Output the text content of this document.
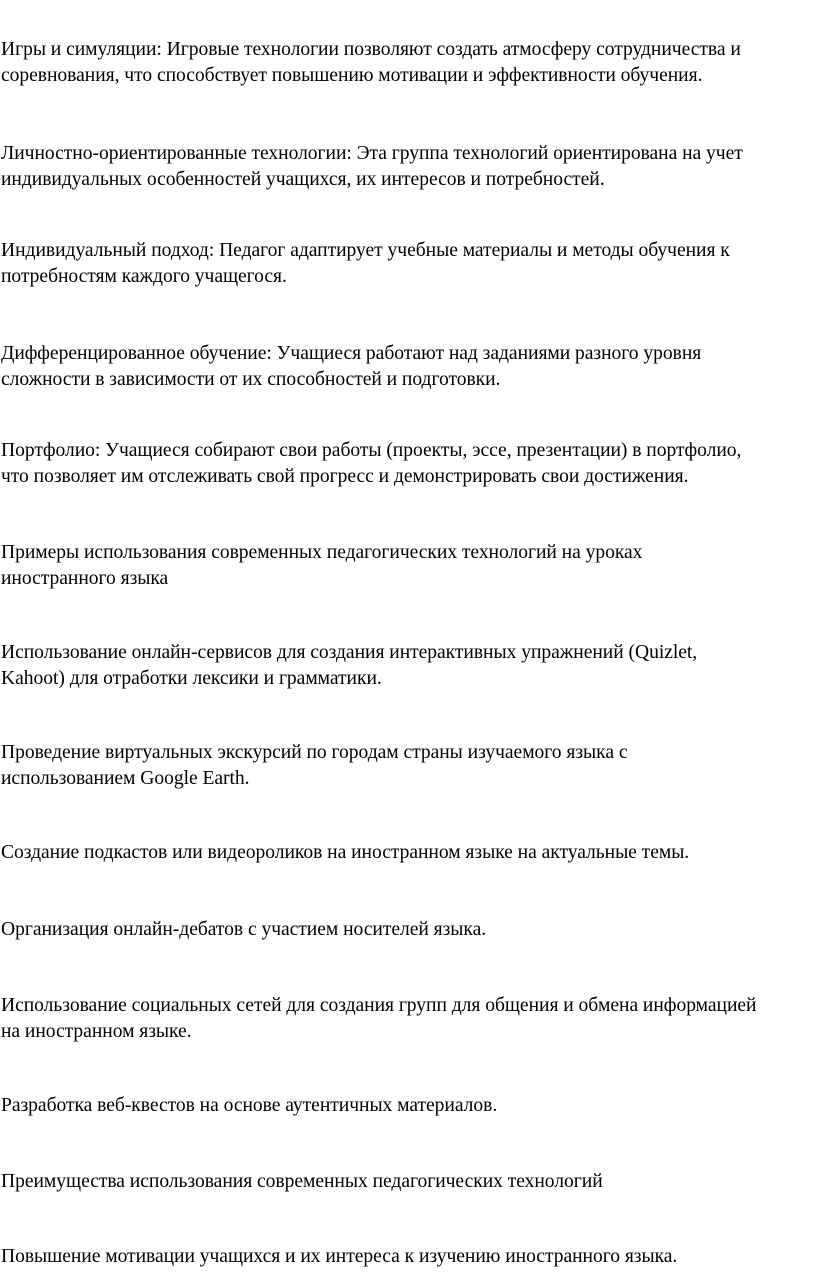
Игры и симуляции: Игровые технологии позволяют создать атмосферу сотрудничества и
соревнования, что способствует повышению мотивации и эффективности обучения.

Личностно-ориентированные технологии: Эта группа технологий ориентирована на учет
индивидуальных особенностей учащихся, их интересов и потребностей.

Индивидуальный подход: Педагог адаптирует учебные материалы и методы обучения к
потребностям каждого учащегося.

Дифференцированное обучение: Учащиеся работают над заданиями разного уровня
сложности в зависимости от их способностей и подготовки.

Портфолио: Учащиеся собирают свои работы (проекты, эссе, презентации) в портфолио,
что позволяет им отслеживать свой прогресс и демонстрировать свои достижения.

Примеры использования современных педагогических технологий на уроках
иностранного языка

Использование онлайн-сервисов для создания интерактивных упражнений (Quizlet,
Kahoot) для отработки лексики и грамматики.

Проведение виртуальных экскурсий по городам страны изучаемого языка с
использованием Google Earth.

Создание подкастов или видеороликов на иностранном языке на актуальные темы.

Организация онлайн-дебатов с участием носителей языка.

Использование социальных сетей для создания групп для общения и обмена информацией
на иностранном языке.

Разработка веб-квестов на основе аутентичных материалов.

Преимущества использования современных педагогических технологий

Повышение мотивации учащихся и их интереса к изучению иностранного языка.
